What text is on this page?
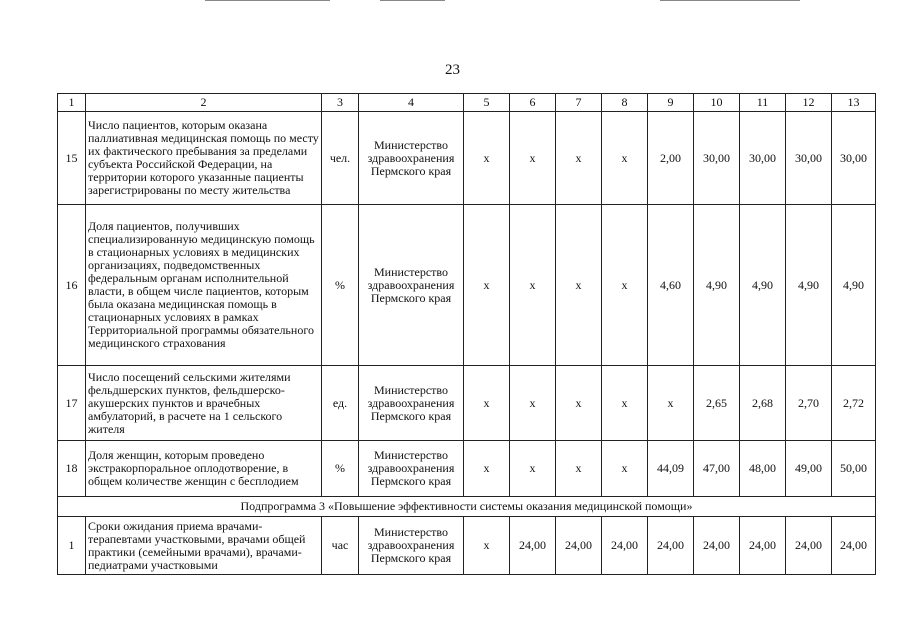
23
1	2	3	4	5	6	7	8	9	10	11	12	13
15	Число пациентов, которым оказана паллиативная медицинская помощь по месту их фактического пребывания за пределами субъекта Российской Федерации, на территории которого указанные пациенты зарегистрированы по месту жительства	чел.	Министерство здравоохранения Пермского края	x	x	x	x	2,00	30,00	30,00	30,00	30,00
16	Доля пациентов, получивших специализированную медицинскую помощь в стационарных условиях в медицинских организациях, подведомственных федеральным органам исполнительной власти, в общем числе пациентов, которым была оказана медицинская помощь в стационарных условиях в рамках Территориальной программы обязательного медицинского страхования	%	Министерство здравоохранения Пермского края	x	x	x	x	4,60	4,90	4,90	4,90	4,90
17	Число посещений сельскими жителями фельдшерских пунктов, фельдшерско-акушерских пунктов и врачебных амбулаторий, в расчете на 1 сельского жителя	ед.	Министерство здравоохранения Пермского края	x	x	x	x	x	2,65	2,68	2,70	2,72
18	Доля женщин, которым проведено экстракорпоральное оплодотворение, в общем количестве женщин с бесплодием	%	Министерство здравоохранения Пермского края	x	x	x	x	44,09	47,00	48,00	49,00	50,00
Подпрограмма 3 «Повышение эффективности системы оказания медицинской помощи»												
1	Сроки ожидания приема врачами-терапевтами участковыми, врачами общей практики (семейными врачами), врачами-педиатрами участковыми	час	Министерство здравоохранения Пермского края	x	24,00	24,00	24,00	24,00	24,00	24,00	24,00	24,00
